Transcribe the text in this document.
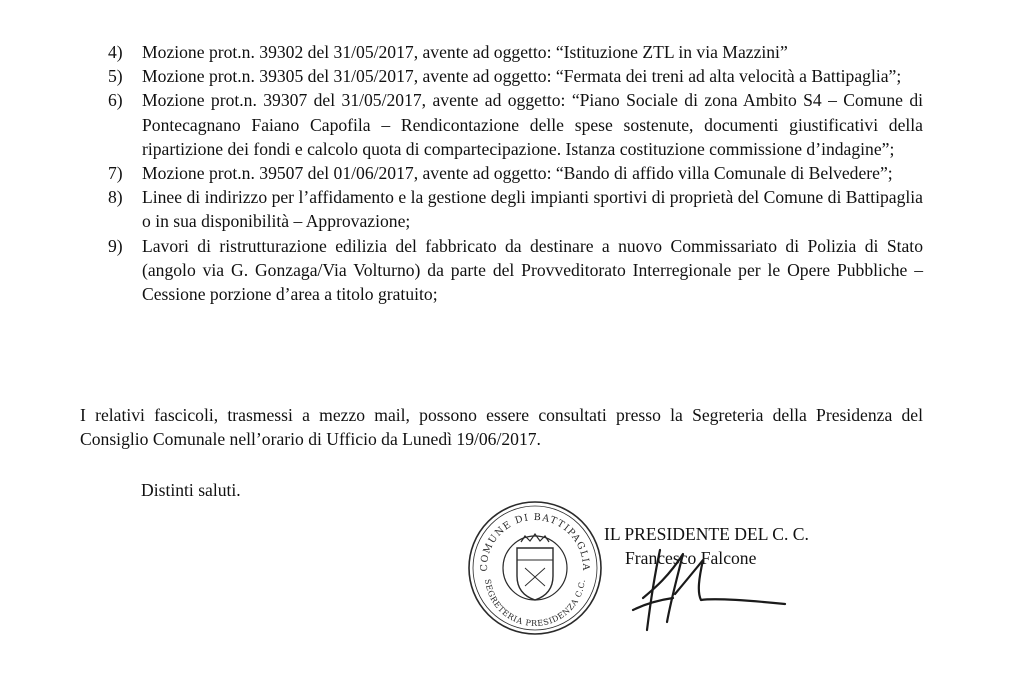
4) Mozione prot.n. 39302 del 31/05/2017, avente ad oggetto: “Istituzione ZTL in via Mazzini”
5) Mozione prot.n. 39305 del 31/05/2017, avente ad oggetto: “Fermata dei treni ad alta velocità a Battipaglia”;
6) Mozione prot.n. 39307 del 31/05/2017, avente ad oggetto: “Piano Sociale di zona Ambito S4 – Comune di Pontecagnano Faiano Capofila – Rendicontazione delle spese sostenute, documenti giustificativi della ripartizione dei fondi e calcolo quota di compartecipazione. Istanza costituzione commissione d’indagine”;
7) Mozione prot.n. 39507 del 01/06/2017, avente ad oggetto: “Bando di affido villa Comunale di Belvedere”;
8) Linee di indirizzo per l’affidamento e la gestione degli impianti sportivi di proprietà del Comune di Battipaglia o in sua disponibilità – Approvazione;
9) Lavori di ristrutturazione edilizia del fabbricato da destinare a nuovo Commissariato di Polizia di Stato (angolo via G. Gonzaga/Via Volturno) da parte del Provveditorato Interregionale per le Opere Pubbliche – Cessione porzione d’area a titolo gratuito;

I relativi fascicoli, trasmessi a mezzo mail, possono essere consultati presso la Segreteria della Presidenza del Consiglio Comunale nell’orario di Ufficio da Lunedì 19/06/2017.

Distinti saluti.

COMUNE DI BATTIPAGLIA
SEGRETERIA PRESIDENZA C.C.
IL PRESIDENTE DEL C. C.
Francesco Falcone
